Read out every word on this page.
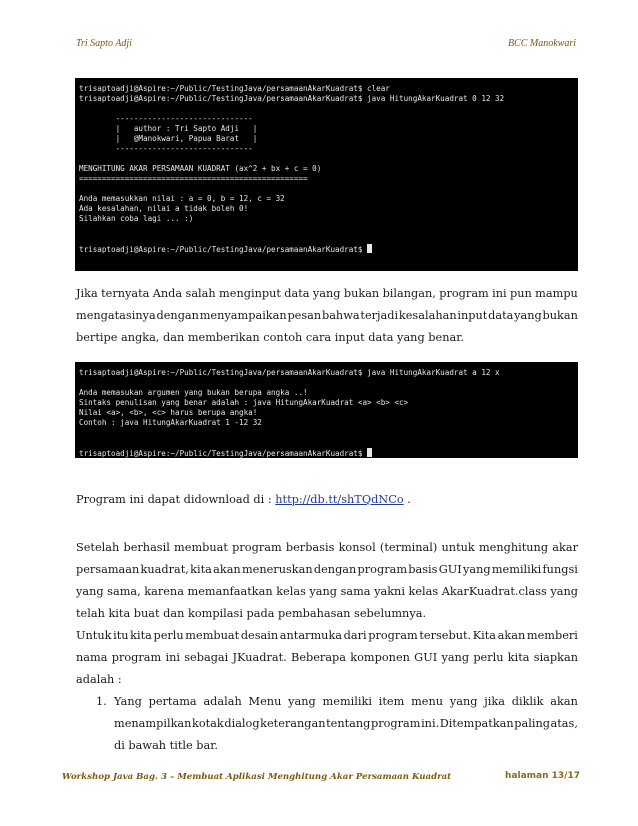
Tri Sapto Adji	BCC Manokwari
trisaptoadji@Aspire:~/Public/TestingJava/persamaanAkarKuadrat$ clear
trisaptoadji@Aspire:~/Public/TestingJava/persamaanAkarKuadrat$ java HitungAkarKuadrat 0 12 32
------------------------------
|   author : Tri Sapto Adji   |
|   @Manokwari, Papua Barat   |
------------------------------
MENGHITUNG AKAR PERSAMAAN KUADRAT (ax^2 + bx + c = 0)
==================================================
Anda memasukkan nilai : a = 0, b = 12, c = 32
Ada kesalahan, nilai a tidak boleh 0!
Silahkan coba lagi ... :)
trisaptoadji@Aspire:~/Public/TestingJava/persamaanAkarKuadrat$
Jika ternyata Anda salah menginput data yang bukan bilangan, program ini pun mampu
mengatasinya dengan menyampaikan pesan bahwa terjadi kesalahan input data yang bukan
bertipe angka, dan memberikan contoh cara input data yang benar.
trisaptoadji@Aspire:~/Public/TestingJava/persamaanAkarKuadrat$ java HitungAkarKuadrat a 12 x
Anda memasukan argumen yang bukan berupa angka ..!
Sintaks penulisan yang benar adalah : java HitungAkarKuadrat <a> <b> <c>
Nilai <a>, <b>, <c> harus berupa angka!
Contoh : java HitungAkarKuadrat 1 -12 32
trisaptoadji@Aspire:~/Public/TestingJava/persamaanAkarKuadrat$
Program ini dapat didownload di : http://db.tt/shTQdNCo .
Setelah berhasil membuat program berbasis konsol (terminal) untuk menghitung akar
persamaan kuadrat, kita akan meneruskan dengan program basis GUI yang memiliki fungsi
yang sama, karena memanfaatkan kelas yang sama yakni kelas AkarKuadrat.class yang
telah kita buat dan kompilasi pada pembahasan sebelumnya.
Untuk itu kita perlu membuat desain antarmuka dari program tersebut. Kita akan memberi
nama program ini sebagai JKuadrat. Beberapa komponen GUI yang perlu kita siapkan
adalah :
1. Yang pertama adalah Menu yang memiliki item menu yang jika diklik akan
menampilkan kotak dialog keterangan tentang program ini. Ditempatkan paling atas,
di bawah title bar.
Workshop Java Bag. 3 – Membuat Aplikasi Menghitung Akar Persamaan Kuadrat	halaman 13/17
